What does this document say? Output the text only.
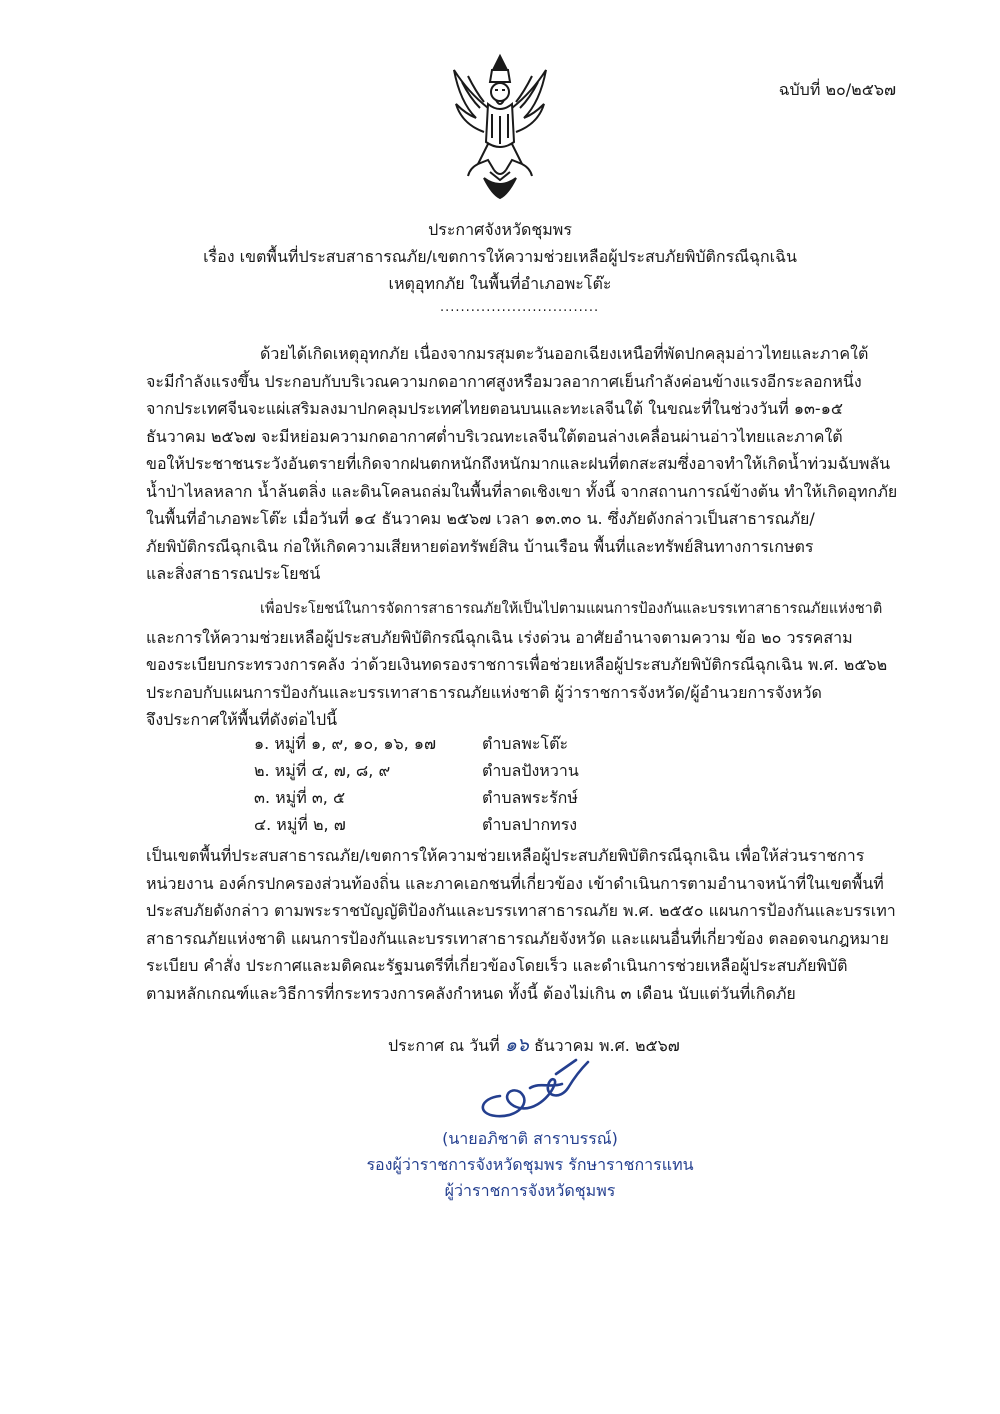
ฉบับที่ ๒๐/๒๕๖๗
ประกาศจังหวัดชุมพร
เรื่อง เขตพื้นที่ประสบสาธารณภัย/เขตการให้ความช่วยเหลือผู้ประสบภัยพิบัติกรณีฉุกเฉิน
เหตุอุทกภัย ในพื้นที่อำเภอพะโต๊ะ
...............................
ด้วยได้เกิดเหตุอุทกภัย เนื่องจากมรสุมตะวันออกเฉียงเหนือที่พัดปกคลุมอ่าวไทยและภาคใต้
จะมีกำลังแรงขึ้น ประกอบกับบริเวณความกดอากาศสูงหรือมวลอากาศเย็นกำลังค่อนข้างแรงอีกระลอกหนึ่ง
จากประเทศจีนจะแผ่เสริมลงมาปกคลุมประเทศไทยตอนบนและทะเลจีนใต้ ในขณะที่ในช่วงวันที่ ๑๓-๑๕
ธันวาคม ๒๕๖๗ จะมีหย่อมความกดอากาศต่ำบริเวณทะเลจีนใต้ตอนล่างเคลื่อนผ่านอ่าวไทยและภาคใต้
ขอให้ประชาชนระวังอันตรายที่เกิดจากฝนตกหนักถึงหนักมากและฝนที่ตกสะสมซึ่งอาจทำให้เกิดน้ำท่วมฉับพลัน
น้ำป่าไหลหลาก น้ำล้นตลิ่ง และดินโคลนถล่มในพื้นที่ลาดเชิงเขา ทั้งนี้ จากสถานการณ์ข้างต้น ทำให้เกิดอุทกภัย
ในพื้นที่อำเภอพะโต๊ะ เมื่อวันที่ ๑๔ ธันวาคม ๒๕๖๗ เวลา ๑๓.๓๐ น. ซึ่งภัยดังกล่าวเป็นสาธารณภัย/
ภัยพิบัติกรณีฉุกเฉิน ก่อให้เกิดความเสียหายต่อทรัพย์สิน บ้านเรือน พื้นที่และทรัพย์สินทางการเกษตร
และสิ่งสาธารณประโยชน์
เพื่อประโยชน์ในการจัดการสาธารณภัยให้เป็นไปตามแผนการป้องกันและบรรเทาสาธารณภัยแห่งชาติ
และการให้ความช่วยเหลือผู้ประสบภัยพิบัติกรณีฉุกเฉิน เร่งด่วน อาศัยอำนาจตามความ ข้อ ๒๐ วรรคสาม
ของระเบียบกระทรวงการคลัง ว่าด้วยเงินทดรองราชการเพื่อช่วยเหลือผู้ประสบภัยพิบัติกรณีฉุกเฉิน พ.ศ. ๒๕๖๒
ประกอบกับแผนการป้องกันและบรรเทาสาธารณภัยแห่งชาติ ผู้ว่าราชการจังหวัด/ผู้อำนวยการจังหวัด
จึงประกาศให้พื้นที่ดังต่อไปนี้
๑. หมู่ที่ ๑, ๙, ๑๐, ๑๖, ๑๗	ตำบลพะโต๊ะ
๒. หมู่ที่ ๔, ๗, ๘, ๙	ตำบลปังหวาน
๓. หมู่ที่ ๓, ๕	ตำบลพระรักษ์
๔. หมู่ที่ ๒, ๗	ตำบลปากทรง
เป็นเขตพื้นที่ประสบสาธารณภัย/เขตการให้ความช่วยเหลือผู้ประสบภัยพิบัติกรณีฉุกเฉิน เพื่อให้ส่วนราชการ
หน่วยงาน องค์กรปกครองส่วนท้องถิ่น และภาคเอกชนที่เกี่ยวข้อง เข้าดำเนินการตามอำนาจหน้าที่ในเขตพื้นที่
ประสบภัยดังกล่าว ตามพระราชบัญญัติป้องกันและบรรเทาสาธารณภัย พ.ศ. ๒๕๕๐ แผนการป้องกันและบรรเทา
สาธารณภัยแห่งชาติ แผนการป้องกันและบรรเทาสาธารณภัยจังหวัด และแผนอื่นที่เกี่ยวข้อง ตลอดจนกฎหมาย
ระเบียบ คำสั่ง ประกาศและมติคณะรัฐมนตรีที่เกี่ยวข้องโดยเร็ว และดำเนินการช่วยเหลือผู้ประสบภัยพิบัติ
ตามหลักเกณฑ์และวิธีการที่กระทรวงการคลังกำหนด ทั้งนี้ ต้องไม่เกิน ๓ เดือน นับแต่วันที่เกิดภัย
ประกาศ ณ วันที่ ๑๖ ธันวาคม พ.ศ. ๒๕๖๗
(นายอภิชาติ สาราบรรณ์)
รองผู้ว่าราชการจังหวัดชุมพร รักษาราชการแทน
ผู้ว่าราชการจังหวัดชุมพร
